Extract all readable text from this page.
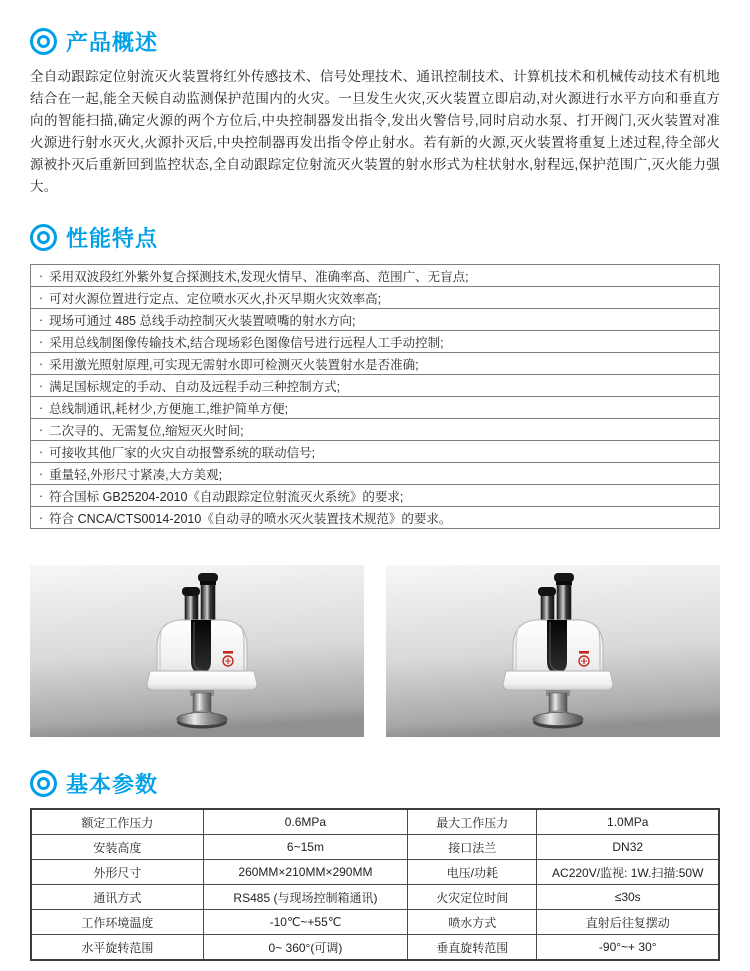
产品概述
全自动跟踪定位射流灭火装置将红外传感技术、信号处理技术、通讯控制技术、计算机技术和机械传动技术有机地结合在一起,能全天候自动监测保护范围内的火灾。一旦发生火灾,灭火装置立即启动,对火源进行水平方向和垂直方向的智能扫描,确定火源的两个方位后,中央控制器发出指令,发出火警信号,同时启动水泵、打开阀门,灭火装置对准火源进行射水灭火,火源扑灭后,中央控制器再发出指令停止射水。若有新的火源,灭火装置将重复上述过程,待全部火源被扑灭后重新回到监控状态,全自动跟踪定位射流灭火装置的射水形式为柱状射水,射程远,保护范围广,灭火能力强大。
性能特点
· 采用双波段红外紫外复合探测技术,发现火情早、准确率高、范围广、无盲点;
· 可对火源位置进行定点、定位喷水灭火,扑灭早期火灾效率高;
· 现场可通过 485 总线手动控制灭火装置喷嘴的射水方向;
· 采用总线制图像传输技术,结合现场彩色图像信号进行远程人工手动控制;
· 采用激光照射原理,可实现无需射水即可检测灭火装置射水是否准确;
· 满足国标规定的手动、自动及远程手动三种控制方式;
· 总线制通讯,耗材少,方便施工,维护简单方便;
· 二次寻的、无需复位,缩短灭火时间;
· 可接收其他厂家的火灾自动报警系统的联动信号;
· 重量轻,外形尺寸紧凑,大方美观;
· 符合国标 GB25204-2010《自动跟踪定位射流灭火系统》的要求;
· 符合 CNCA/CTS0014-2010《自动寻的喷水灭火装置技术规范》的要求。
基本参数
额定工作压力	0.6MPa	最大工作压力	1.0MPa
安装高度	6~15m	接口法兰	DN32
外形尺寸	260MM×210MM×290MM	电压/功耗	AC220V/监视: 1W.扫描:50W
通讯方式	RS485 (与现场控制箱通讯)	火灾定位时间	≤30s
工作环境温度	-10℃~+55℃	喷水方式	直射后往复摆动
水平旋转范围	0~ 360°(可调)	垂直旋转范围	-90°~+ 30°
